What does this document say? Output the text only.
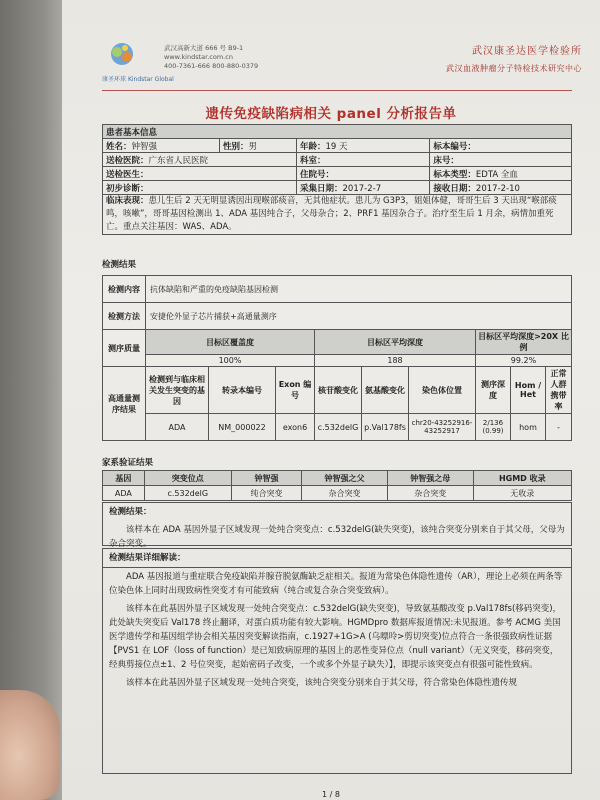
康圣环球 Kindstar Global
武汉高新大道 666 号 B9-1
www.kindstar.com.cn
400-7361-666 800-880-0379
武汉康圣达医学检验所
武汉血液肿瘤分子特检技术研究中心
遗传免疫缺陷病相关 panel 分析报告单
患者基本信息			
姓名：钟智强	性别：男	年龄：19 天	标本编号：
送检医院：广东省人民医院		科室：	床号：
送检医生：		住院号：	标本类型：EDTA 全血
初步诊断：		采集日期：2017-2-7	接收日期：2017-2-10
临床表现：患儿生后 2 天无明显诱因出现喉部痰音，无其他症状。患儿为 G3P3，姐姐体健，哥哥生后 3 天出现“喉部痰鸣，咳嗽”，哥哥基因检测出 1、ADA 基因纯合子，父母杂合；2、PRF1 基因杂合子。治疗至生后 1 月余，病情加重死亡。重点关注基因：WAS、ADA。			
检测结果
检测内容	抗体缺陷和严重的免疫缺陷基因检测								
检测方法	安捷伦外显子芯片捕获+高通量测序								
测序质量	目标区覆盖度			目标区平均深度			目标区平均深度>20X 比例		
	100%			188			99.2%		
高通量测序结果	检测到与临床相关发生突变的基因	转录本编号	Exon 编号	核苷酸变化	氨基酸变化	染色体位置	测序深度	Hom / Het	正常人群携带率
	ADA	NM_000022	exon6	c.532delG	p.Val178fs	chr20-43252916-43252917	2/136 (0.99)	hom	-
家系验证结果
基因	突变位点	钟智强	钟智强之父	钟智强之母	HGMD 收录
ADA	c.532delG	纯合突变	杂合突变	杂合突变	无收录
检测结果：
该样本在 ADA 基因外显子区域发现一处纯合突变点：c.532delG(缺失突变)，该纯合突变分别来自于其父母，父母为杂合突变。
检测结果详细解读：
ADA 基因报道与重症联合免疫缺陷并腺苷脱氨酶缺乏症相关。报道为常染色体隐性遗传（AR），理论上必须在两条等位染色体上同时出现致病性突变才有可能致病（纯合或复合杂合突变致病）。
该样本在此基因外显子区域发现一处纯合突变点：c.532delG(缺失突变)，导致氨基酸改变 p.Val178fs(移码突变)，此处缺失突变后 Val178 终止翻译，对蛋白质功能有较大影响。HGMDpro 数据库报道情况:未见报道。参考 ACMG 美国医学遗传学和基因组学协会相关基因突变解读指南，c.1927+1G>A (乌嘌呤>剪切突变)位点符合一条很强致病性证据【PVS1 在 LOF（loss of function）是已知致病原理的基因上的恶性变异位点（null variant）（无义突变，移码突变，经典剪接位点±1、2 号位突变，起始密码子改变，一个或多个外显子缺失）】，即提示该突变点有很强可能性致病。
该样本在此基因外显子区域发现一处纯合突变，该纯合突变分别来自于其父母，符合常染色体隐性遗传规
1 / 8
